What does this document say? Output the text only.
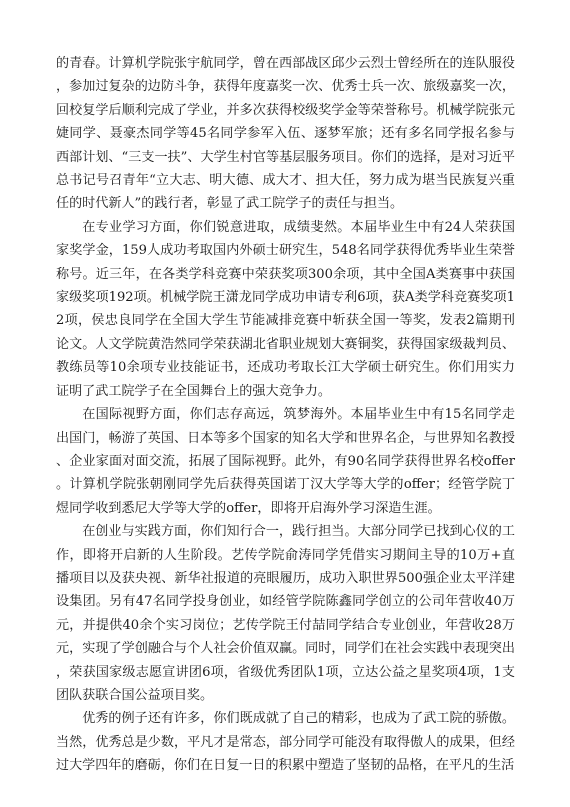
的青春。计算机学院张宇航同学，曾在西部战区邱少云烈士曾经所在的连队服役，参加过复杂的边防斗争，获得年度嘉奖一次、优秀士兵一次、旅级嘉奖一次，回校复学后顺利完成了学业，并多次获得校级奖学金等荣誉称号。机械学院张元婕同学、聂豪杰同学等45名同学参军入伍、逐梦军旅；还有多名同学报名参与西部计划、“三支一扶”、大学生村官等基层服务项目。你们的选择，是对习近平总书记号召青年“立大志、明大德、成大才、担大任，努力成为堪当民族复兴重任的时代新人”的践行者，彰显了武工院学子的责任与担当。

在专业学习方面，你们锐意进取，成绩斐然。本届毕业生中有24人荣获国家奖学金，159人成功考取国内外硕士研究生，548名同学获得优秀毕业生荣誉称号。近三年，在各类学科竞赛中荣获奖项300余项，其中全国A类赛事中获国家级奖项192项。机械学院王潇龙同学成功申请专利6项，获A类学科竞赛奖项12项，侯忠良同学在全国大学生节能减排竞赛中斩获全国一等奖，发表2篇期刊论文。人文学院黄浩然同学荣获湖北省职业规划大赛铜奖，获得国家级裁判员、教练员等10余项专业技能证书，还成功考取长江大学硕士研究生。你们用实力证明了武工院学子在全国舞台上的强大竞争力。

在国际视野方面，你们志存高远，筑梦海外。本届毕业生中有15名同学走出国门，畅游了英国、日本等多个国家的知名大学和世界名企，与世界知名教授、企业家面对面交流，拓展了国际视野。此外，有90名同学获得世界名校offer。计算机学院张朝刚同学先后获得英国诺丁汉大学等大学的offer；经管学院丁煜同学收到悉尼大学等大学的offer，即将开启海外学习深造生涯。

在创业与实践方面，你们知行合一，践行担当。大部分同学已找到心仪的工作，即将开启新的人生阶段。艺传学院俞涛同学凭借实习期间主导的10万+直播项目以及获央视、新华社报道的亮眼履历，成功入职世界500强企业太平洋建设集团。另有47名同学投身创业，如经管学院陈鑫同学创立的公司年营收40万元，并提供40余个实习岗位；艺传学院王付喆同学结合专业创业，年营收28万元，实现了学创融合与个人社会价值双赢。同时，同学们在社会实践中表现突出，荣获国家级志愿宣讲团6项，省级优秀团队1项，立达公益之星奖项4项，1支团队获联合国公益项目奖。

优秀的例子还有许多，你们既成就了自己的精彩，也成为了武工院的骄傲。当然，优秀总是少数，平凡才是常态，部分同学可能没有取得傲人的成果，但经过大学四年的磨砺，你们在日复一日的积累中塑造了坚韧的品格，在平凡的生活
